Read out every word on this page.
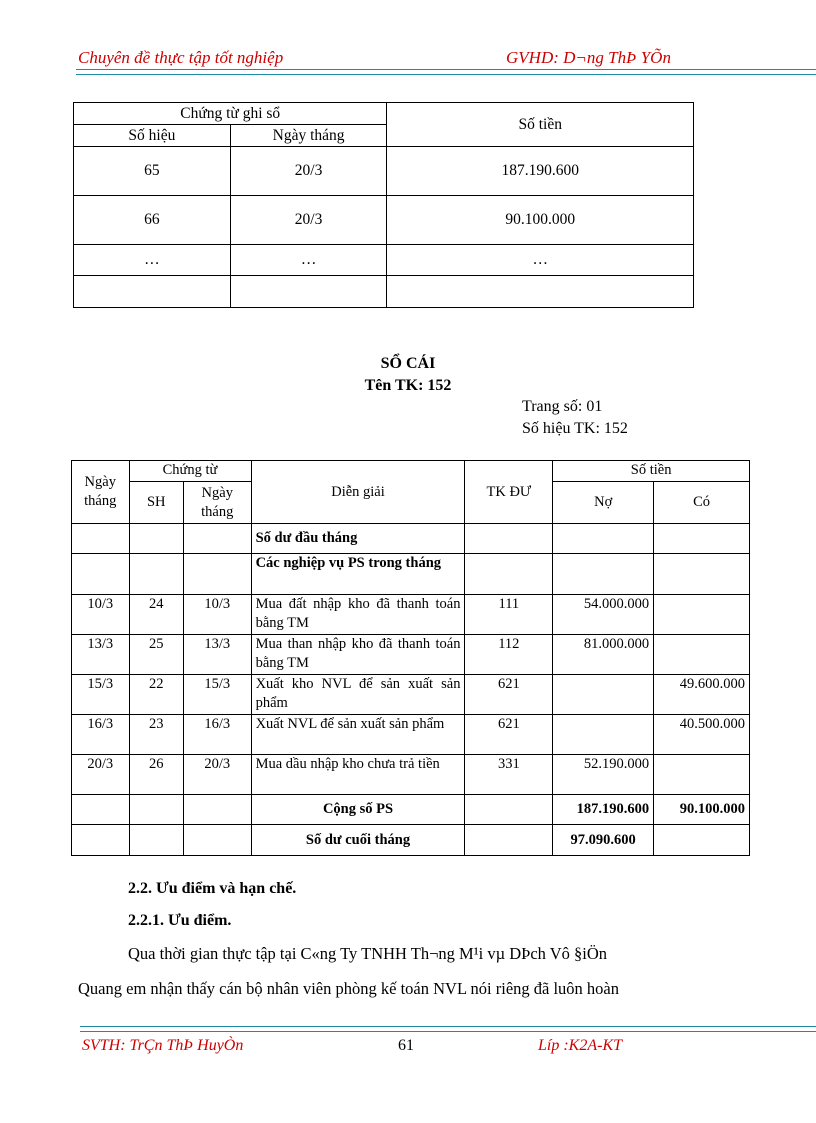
Chuyên đề thực tập tốt nghiệp	GVHD: D¬ng ThÞ YÕn
Chứng từ ghi sổ		Số tiền
Số hiệu	Ngày tháng	
65	20/3	187.190.600
66	20/3	90.100.000
…	…	…

SỔ CÁI
Tên TK: 152
Trang số: 01
Số hiệu TK: 152
Ngày tháng	Chứng từ		Diễn giải	TK ĐƯ	Số tiền	
	SH	Ngày tháng			Nợ	Có
			Số dư đầu tháng			
			Các nghiệp vụ PS trong tháng			
10/3	24	10/3	Mua đất nhập kho đã thanh toán bằng TM	111	54.000.000	
13/3	25	13/3	Mua than nhập kho đã thanh toán bằng TM	112	81.000.000	
15/3	22	15/3	Xuất kho NVL để sản xuất sản phẩm	621		49.600.000
16/3	23	16/3	Xuất NVL để sản xuất sản phẩm	621		40.500.000
20/3	26	20/3	Mua dầu nhập kho chưa trả tiền	331	52.190.000	
			Cộng số PS		187.190.600	90.100.000
			Số dư cuối tháng		97.090.600	
2.2. Ưu điểm và hạn chế.
2.2.1. Ưu điểm.
Qua thời gian thực tập tại C«ng Ty TNHH Th¬ng M¹i vµ DÞch Vô §iÖn
Quang em nhận thấy cán bộ nhân viên phòng kế toán NVL nói riêng đã luôn hoàn
SVTH: TrÇn ThÞ HuyÒn	61	Líp :K2A-KT
